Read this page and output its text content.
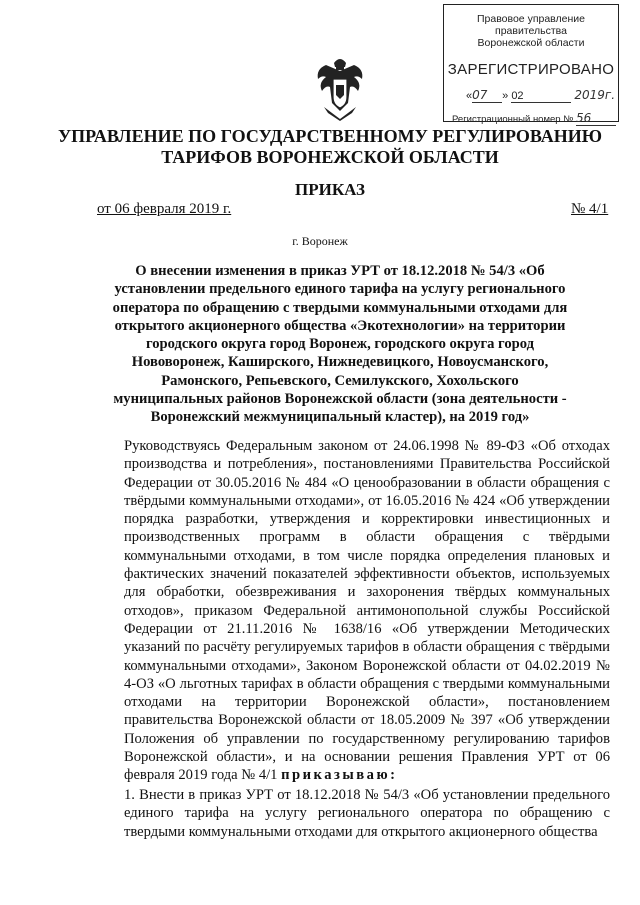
Правовое управление правительства
Воронежской области
ЗАРЕГИСТРИРОВАНО
«07 » 02	2019г.
Регистрационный номер № 56
УПРАВЛЕНИЕ ПО ГОСУДАРСТВЕННОМУ РЕГУЛИРОВАНИЮ
ТАРИФОВ ВОРОНЕЖСКОЙ ОБЛАСТИ
ПРИКАЗ
от 06 февраля 2019 г.	№ 4/1
г. Воронеж
О внесении изменения в приказ УРТ от 18.12.2018 № 54/3 «Об установлении предельного единого тарифа на услугу регионального оператора по обращению с твердыми коммунальными отходами для открытого акционерного общества «Экотехнологии» на территории городского округа город Воронеж, городского округа город Нововоронеж, Каширского, Нижнедевицкого, Новоусманского, Рамонского, Репьевского, Семилукского, Хохольского муниципальных районов Воронежской области (зона деятельности - Воронежский межмуниципальный кластер), на 2019 год»
Руководствуясь Федеральным законом от 24.06.1998 № 89-ФЗ «Об отходах производства и потребления», постановлениями Правительства Российской Федерации от 30.05.2016 № 484 «О ценообразовании в области обращения с твёрдыми коммунальными отходами», от 16.05.2016 № 424 «Об утверждении порядка разработки, утверждения и корректировки инвестиционных и производственных программ в области обращения с твёрдыми коммунальными отходами, в том числе порядка определения плановых и фактических значений показателей эффективности объектов, используемых для обработки, обезвреживания и захоронения твёрдых коммунальных отходов», приказом Федеральной антимонопольной службы Российской Федерации от 21.11.2016 № 1638/16 «Об утверждении Методических указаний по расчёту регулируемых тарифов в области обращения с твёрдыми коммунальными отходами», Законом Воронежской области от 04.02.2019 № 4-ОЗ «О льготных тарифах в области обращения с твердыми коммунальными отходами на территории Воронежской области», постановлением правительства Воронежской области от 18.05.2009 № 397 «Об утверждении Положения об управлении по государственному регулированию тарифов Воронежской области», и на основании решения Правления УРТ от 06 февраля 2019 года № 4/1 приказываю:
1. Внести в приказ УРТ от 18.12.2018 № 54/3 «Об установлении предельного единого тарифа на услугу регионального оператора по обращению с твердыми коммунальными отходами для открытого акционерного общества
